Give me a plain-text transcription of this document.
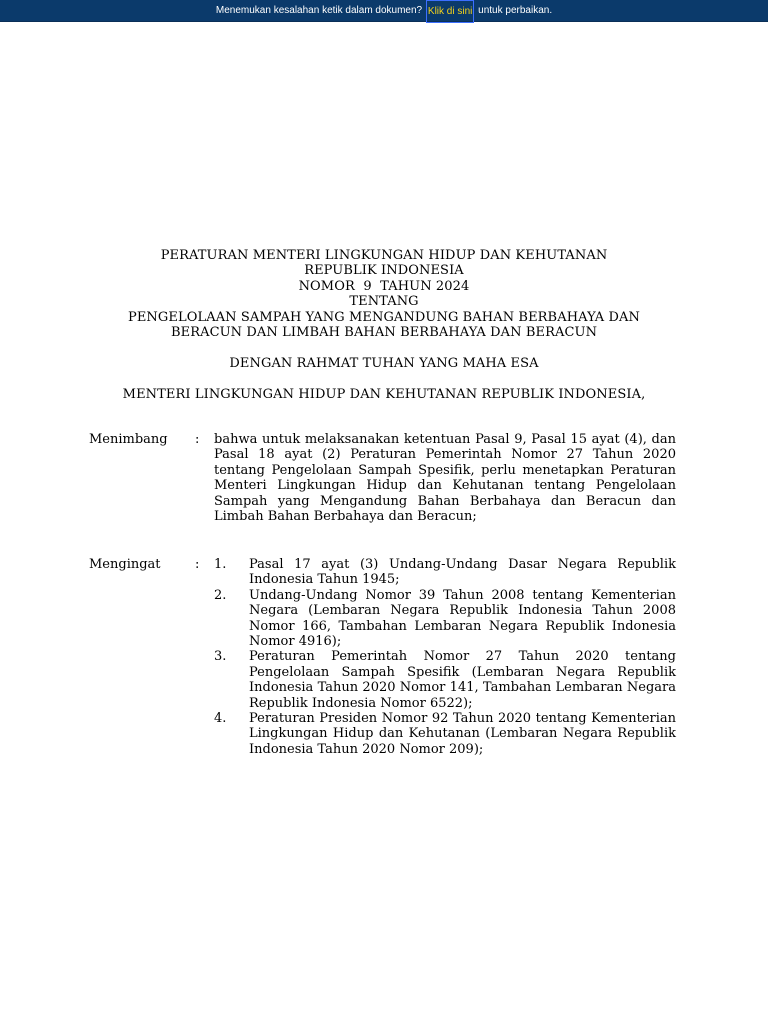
Menemukan kesalahan ketik dalam dokumen? Klik di sini untuk perbaikan.
PERATURAN MENTERI LINGKUNGAN HIDUP DAN KEHUTANAN
REPUBLIK INDONESIA
NOMOR  9  TAHUN 2024
TENTANG
PENGELOLAAN SAMPAH YANG MENGANDUNG BAHAN BERBAHAYA DAN
BERACUN DAN LIMBAH BAHAN BERBAHAYA DAN BERACUN
DENGAN RAHMAT TUHAN YANG MAHA ESA
MENTERI LINGKUNGAN HIDUP DAN KEHUTANAN REPUBLIK INDONESIA,
Menimbang : bahwa untuk melaksanakan ketentuan Pasal 9, Pasal 15 ayat (4), dan Pasal 18 ayat (2) Peraturan Pemerintah Nomor 27 Tahun 2020 tentang Pengelolaan Sampah Spesifik, perlu menetapkan Peraturan Menteri Lingkungan Hidup dan Kehutanan tentang Pengelolaan Sampah yang Mengandung Bahan Berbahaya dan Beracun dan Limbah Bahan Berbahaya dan Beracun;
Mengingat	: 1. Pasal 17 ayat (3) Undang-Undang Dasar Negara Republik Indonesia Tahun 1945;
2. Undang-Undang Nomor 39 Tahun 2008 tentang Kementerian Negara (Lembaran Negara Republik Indonesia Tahun 2008 Nomor 166, Tambahan Lembaran Negara Republik Indonesia Nomor 4916);
3. Peraturan Pemerintah Nomor 27 Tahun 2020 tentang Pengelolaan Sampah Spesifik (Lembaran Negara Republik Indonesia Tahun 2020 Nomor 141, Tambahan Lembaran Negara Republik Indonesia Nomor 6522);
4. Peraturan Presiden Nomor 92 Tahun 2020 tentang Kementerian Lingkungan Hidup dan Kehutanan (Lembaran Negara Republik Indonesia Tahun 2020 Nomor 209);
